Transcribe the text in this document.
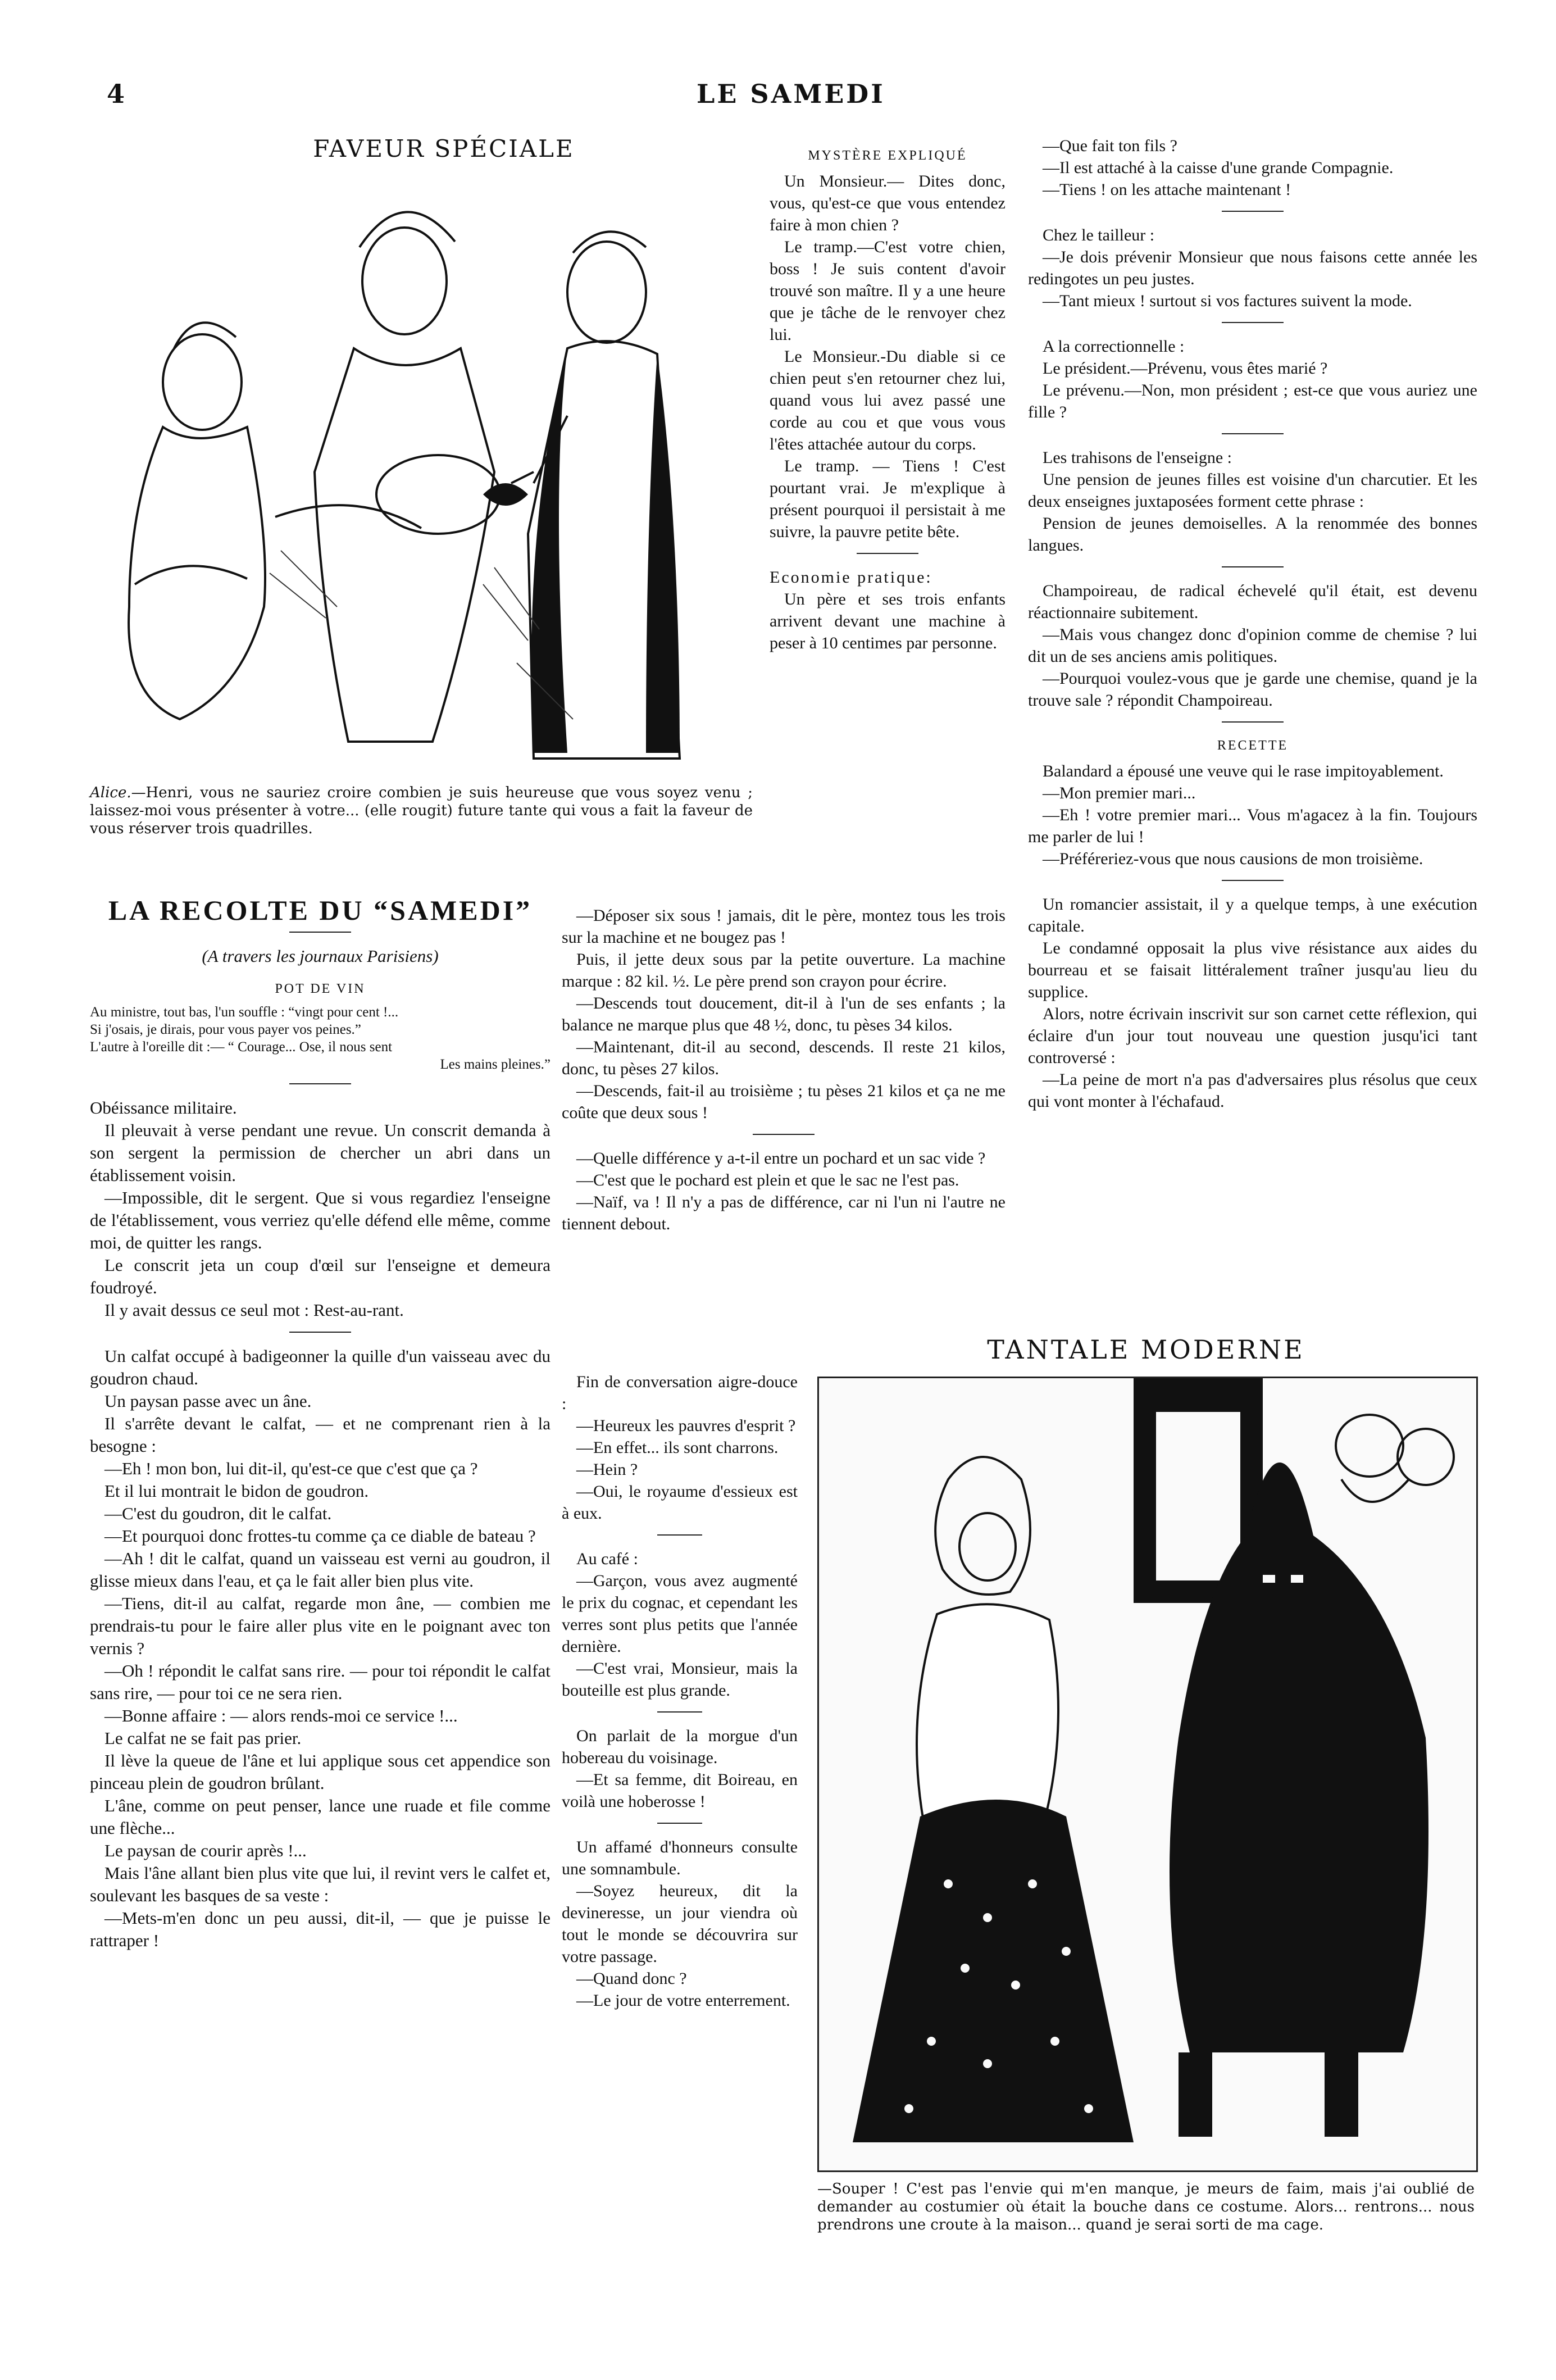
4	LE SAMEDI
FAVEUR SPÉCIALE
Alice.—Henri, vous ne sauriez croire combien je suis heureuse que vous soyez venu ; laissez-moi vous présenter à votre... (elle rougit) future tante qui vous a fait la faveur de vous réserver trois quadrilles.
LA RECOLTE DU “SAMEDI”
(A travers les journaux Parisiens)
POT DE VIN
Au ministre, tout bas, l'un souffle : “vingt pour cent !...
Si j'osais, je dirais, pour vous payer vos peines.”
L'autre à l'oreille dit :— “ Courage... Ose, il nous sent
Les mains pleines.”

Obéissance militaire.

Il pleuvait à verse pendant une revue. Un conscrit demanda à son sergent la permission de chercher un abri dans un établissement voisin.

—Impossible, dit le sergent. Que si vous regardiez l'enseigne de l'établissement, vous verriez qu'elle défend elle même, comme moi, de quitter les rangs.

Le conscrit jeta un coup d'œil sur l'enseigne et demeura foudroyé.

Il y avait dessus ce seul mot : Rest-au-rant.

Un calfat occupé à badigeonner la quille d'un vaisseau avec du goudron chaud.

Un paysan passe avec un âne.

Il s'arrête devant le calfat, — et ne comprenant rien à la besogne :

—Eh ! mon bon, lui dit-il, qu'est-ce que c'est que ça ?

Et il lui montrait le bidon de goudron.

—C'est du goudron, dit le calfat.

—Et pourquoi donc frottes-tu comme ça ce diable de bateau ?

—Ah ! dit le calfat, quand un vaisseau est verni au goudron, il glisse mieux dans l'eau, et ça le fait aller bien plus vite.

—Tiens, dit-il au calfat, regarde mon âne, — combien me prendrais-tu pour le faire aller plus vite en le poignant avec ton vernis ?

—Oh ! répondit le calfat sans rire. — pour toi répondit le calfat sans rire, — pour toi ce ne sera rien.

—Bonne affaire : — alors rends-moi ce service !...

Le calfat ne se fait pas prier.

Il lève la queue de l'âne et lui applique sous cet appendice son pinceau plein de goudron brûlant.

L'âne, comme on peut penser, lance une ruade et file comme une flèche...

Le paysan de courir après !...

Mais l'âne allant bien plus vite que lui, il revint vers le calfet et, soulevant les basques de sa veste :

—Mets-m'en donc un peu aussi, dit-il, — que je puisse le rattraper !

MYSTÈRE EXPLIQUÉ

Un Monsieur.— Dites donc, vous, qu'est-ce que vous entendez faire à mon chien ?

Le tramp.—C'est votre chien, boss ! Je suis content d'avoir trouvé son maître. Il y a une heure que je tâche de le renvoyer chez lui.

Le Monsieur.-Du diable si ce chien peut s'en retourner chez lui, quand vous lui avez passé une corde au cou et que vous vous l'êtes attachée autour du corps.

Le tramp. — Tiens ! C'est pourtant vrai. Je m'explique à présent pourquoi il persistait à me suivre, la pauvre petite bête.

Economie pratique:

Un père et ses trois enfants arrivent devant une machine à peser à 10 centimes par personne.

—Déposer six sous ! jamais, dit le père, montez tous les trois sur la machine et ne bougez pas !

Puis, il jette deux sous par la petite ouverture. La machine marque : 82 kil. ½. Le père prend son crayon pour écrire.

—Descends tout doucement, dit-il à l'un de ses enfants ; la balance ne marque plus que 48 ½, donc, tu pèses 34 kilos.

—Maintenant, dit-il au second, descends. Il reste 21 kilos, donc, tu pèses 27 kilos.

—Descends, fait-il au troisième ; tu pèses 21 kilos et ça ne me coûte que deux sous !

—Quelle différence y a-t-il entre un pochard et un sac vide ?

—C'est que le pochard est plein et que le sac ne l'est pas.

—Naïf, va ! Il n'y a pas de différence, car ni l'un ni l'autre ne tiennent debout.

Fin de conversation aigre-douce :

—Heureux les pauvres d'esprit ?

—En effet... ils sont charrons.

—Hein ?

—Oui, le royaume d'essieux est à eux.

Au café :

—Garçon, vous avez augmenté le prix du cognac, et cependant les verres sont plus petits que l'année dernière.

—C'est vrai, Monsieur, mais la bouteille est plus grande.

On parlait de la morgue d'un hobereau du voisinage.

—Et sa femme, dit Boireau, en voilà une hoberosse !

Un affamé d'honneurs consulte une somnambule.

—Soyez heureux, dit la devineresse, un jour viendra où tout le monde se découvrira sur votre passage.

—Quand donc ?

—Le jour de votre enterrement.

—Que fait ton fils ?

—Il est attaché à la caisse d'une grande Compagnie.

—Tiens ! on les attache maintenant !

Chez le tailleur :

—Je dois prévenir Monsieur que nous faisons cette année les redingotes un peu justes.

—Tant mieux ! surtout si vos factures suivent la mode.

A la correctionnelle :

Le président.—Prévenu, vous êtes marié ?

Le prévenu.—Non, mon président ; est-ce que vous auriez une fille ?

Les trahisons de l'enseigne :

Une pension de jeunes filles est voisine d'un charcutier. Et les deux enseignes juxtaposées forment cette phrase :

Pension de jeunes demoiselles. A la renommée des bonnes langues.

Champoireau, de radical échevelé qu'il était, est devenu réactionnaire subitement.

—Mais vous changez donc d'opinion comme de chemise ? lui dit un de ses anciens amis politiques.

—Pourquoi voulez-vous que je garde une chemise, quand je la trouve sale ? répondit Champoireau.

RECETTE

Balandard a épousé une veuve qui le rase impitoyablement.

—Mon premier mari...

—Eh ! votre premier mari... Vous m'agacez à la fin. Toujours me parler de lui !

—Préféreriez-vous que nous causions de mon troisième.

Un romancier assistait, il y a quelque temps, à une exécution capitale.

Le condamné opposait la plus vive résistance aux aides du bourreau et se faisait littéralement traîner jusqu'au lieu du supplice.

Alors, notre écrivain inscrivit sur son carnet cette réflexion, qui éclaire d'un jour tout nouveau une question jusqu'ici tant controversé :

—La peine de mort n'a pas d'adversaires plus résolus que ceux qui vont monter à l'échafaud.

TANTALE MODERNE
—Souper ! C'est pas l'envie qui m'en manque, je meurs de faim, mais j'ai oublié de demander au costumier où était la bouche dans ce costume. Alors... rentrons... nous prendrons une croute à la maison... quand je serai sorti de ma cage.
